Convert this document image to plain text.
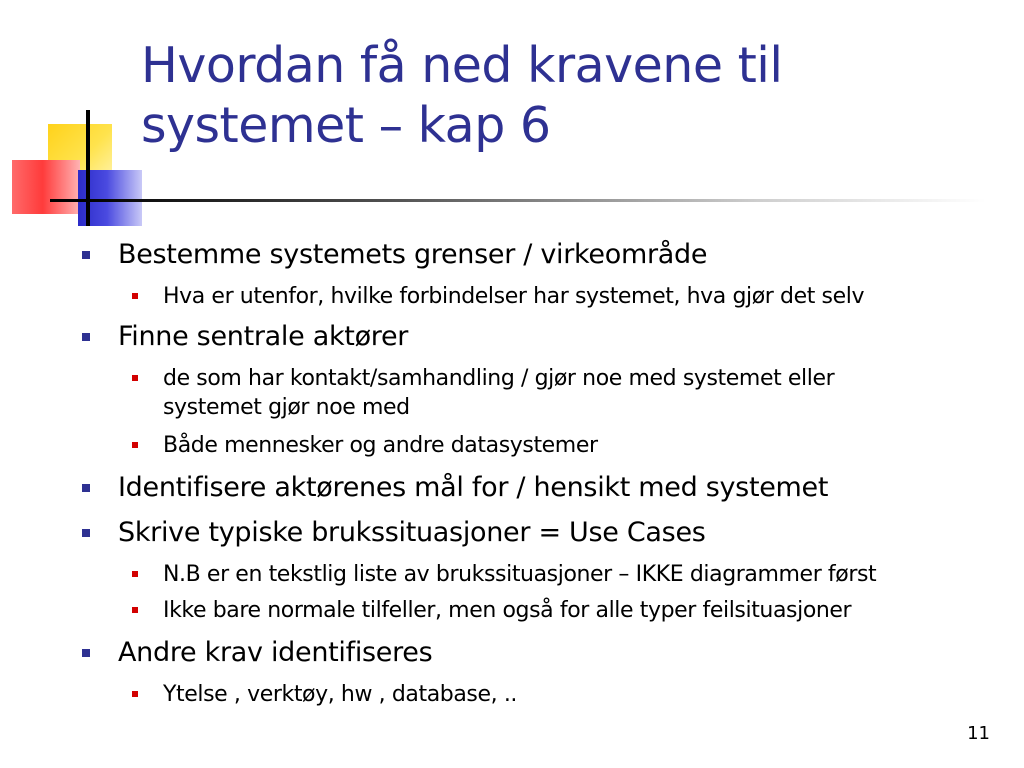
Hvordan få ned kravene til
systemet – kap 6
Bestemme systemets grenser / virkeområde
Hva er utenfor, hvilke forbindelser har systemet, hva gjør det selv
Finne sentrale aktører
de som har kontakt/samhandling / gjør noe med systemet eller
systemet gjør noe med
Både mennesker og andre datasystemer
Identifisere aktørenes mål for / hensikt med systemet
Skrive typiske brukssituasjoner = Use Cases
N.B er en tekstlig liste av brukssituasjoner – IKKE diagrammer først
Ikke bare normale tilfeller, men også for alle typer feilsituasjoner
Andre krav identifiseres
Ytelse , verktøy, hw , database, ..
11
